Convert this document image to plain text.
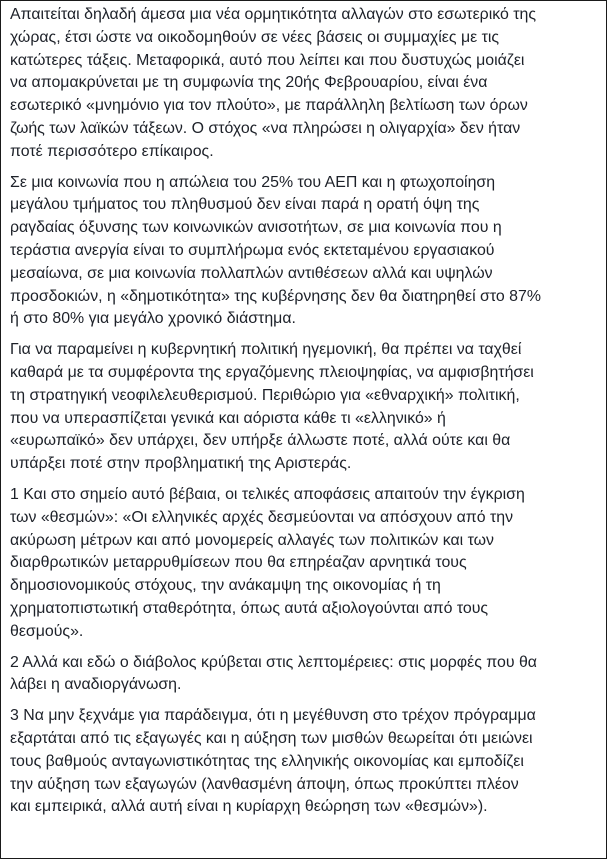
Απαιτείται δηλαδή άμεσα μια νέα ορμητικότητα αλλαγών στο εσωτερικό της
χώρας, έτσι ώστε να οικοδομηθούν σε νέες βάσεις οι συμμαχίες με τις
κατώτερες τάξεις. Μεταφορικά, αυτό που λείπει και που δυστυχώς μοιάζει
να απομακρύνεται με τη συμφωνία της 20ής Φεβρουαρίου, είναι ένα
εσωτερικό «μνημόνιο για τον πλούτο», με παράλληλη βελτίωση των όρων
ζωής των λαϊκών τάξεων. Ο στόχος «να πληρώσει η ολιγαρχία» δεν ήταν
ποτέ περισσότερο επίκαιρος.

Σε μια κοινωνία που η απώλεια του 25% του ΑΕΠ και η φτωχοποίηση
μεγάλου τμήματος του πληθυσμού δεν είναι παρά η ορατή όψη της
ραγδαίας όξυνσης των κοινωνικών ανισοτήτων, σε μια κοινωνία που η
τεράστια ανεργία είναι το συμπλήρωμα ενός εκτεταμένου εργασιακού
μεσαίωνα, σε μια κοινωνία πολλαπλών αντιθέσεων αλλά και υψηλών
προσδοκιών, η «δημοτικότητα» της κυβέρνησης δεν θα διατηρηθεί στο 87%
ή στο 80% για μεγάλο χρονικό διάστημα.

Για να παραμείνει η κυβερνητική πολιτική ηγεμονική, θα πρέπει να ταχθεί
καθαρά με τα συμφέροντα της εργαζόμενης πλειοψηφίας, να αμφισβητήσει
τη στρατηγική νεοφιλελευθερισμού. Περιθώριο για «εθναρχική» πολιτική,
που να υπερασπίζεται γενικά και αόριστα κάθε τι «ελληνικό» ή
«ευρωπαϊκό» δεν υπάρχει, δεν υπήρξε άλλωστε ποτέ, αλλά ούτε και θα
υπάρξει ποτέ στην προβληματική της Αριστεράς.

1 Και στο σημείο αυτό βέβαια, οι τελικές αποφάσεις απαιτούν την έγκριση
των «θεσμών»: «Οι ελληνικές αρχές δεσμεύονται να απόσχουν από την
ακύρωση μέτρων και από μονομερείς αλλαγές των πολιτικών και των
διαρθρωτικών μεταρρυθμίσεων που θα επηρέαζαν αρνητικά τους
δημοσιονομικούς στόχους, την ανάκαμψη της οικονομίας ή τη
χρηματοπιστωτική σταθερότητα, όπως αυτά αξιολογούνται από τους
θεσμούς».

2 Αλλά και εδώ ο διάβολος κρύβεται στις λεπτομέρειες: στις μορφές που θα
λάβει η αναδιοργάνωση.

3 Να μην ξεχνάμε για παράδειγμα, ότι η μεγέθυνση στο τρέχον πρόγραμμα
εξαρτάται από τις εξαγωγές και η αύξηση των μισθών θεωρείται ότι μειώνει
τους βαθμούς ανταγωνιστικότητας της ελληνικής οικονομίας και εμποδίζει
την αύξηση των εξαγωγών (λανθασμένη άποψη, όπως προκύπτει πλέον
και εμπειρικά, αλλά αυτή είναι η κυρίαρχη θεώρηση των «θεσμών»).
